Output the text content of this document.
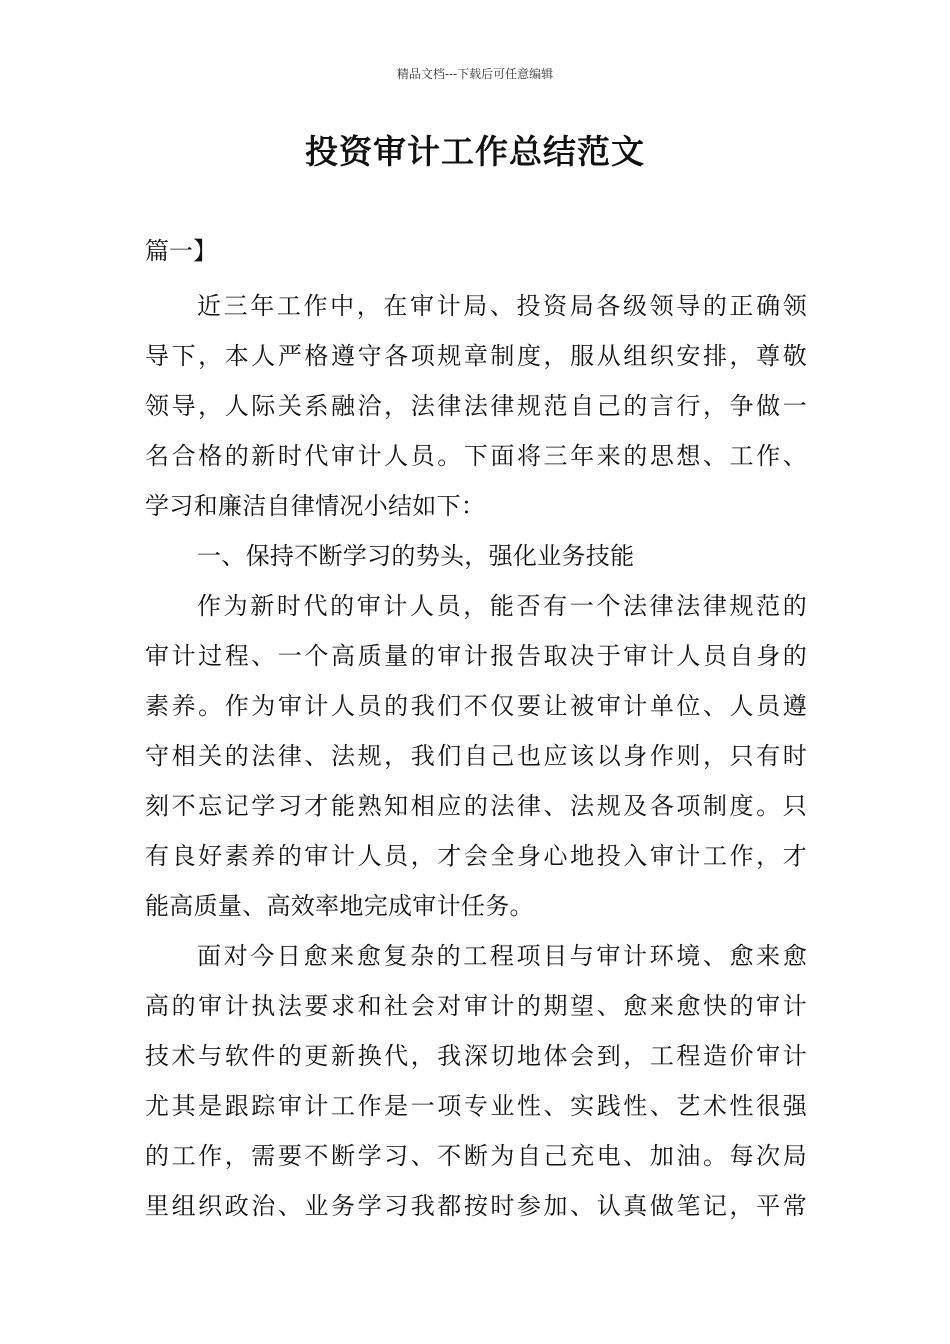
精品文档---下载后可任意编辑
投资审计工作总结范文
篇一】
近三年工作中，在审计局、投资局各级领导的正确领
导下，本人严格遵守各项规章制度，服从组织安排，尊敬
领导，人际关系融洽，法律法律规范自己的言行，争做一
名合格的新时代审计人员。下面将三年来的思想、工作、
学习和廉洁自律情况小结如下：
一、保持不断学习的势头，强化业务技能
作为新时代的审计人员，能否有一个法律法律规范的
审计过程、一个高质量的审计报告取决于审计人员自身的
素养。作为审计人员的我们不仅要让被审计单位、人员遵
守相关的法律、法规，我们自己也应该以身作则，只有时
刻不忘记学习才能熟知相应的法律、法规及各项制度。只
有良好素养的审计人员，才会全身心地投入审计工作，才
能高质量、高效率地完成审计任务。
面对今日愈来愈复杂的工程项目与审计环境、愈来愈
高的审计执法要求和社会对审计的期望、愈来愈快的审计
技术与软件的更新换代，我深切地体会到，工程造价审计
尤其是跟踪审计工作是一项专业性、实践性、艺术性很强
的工作，需要不断学习、不断为自己充电、加油。每次局
里组织政治、业务学习我都按时参加、认真做笔记，平常
